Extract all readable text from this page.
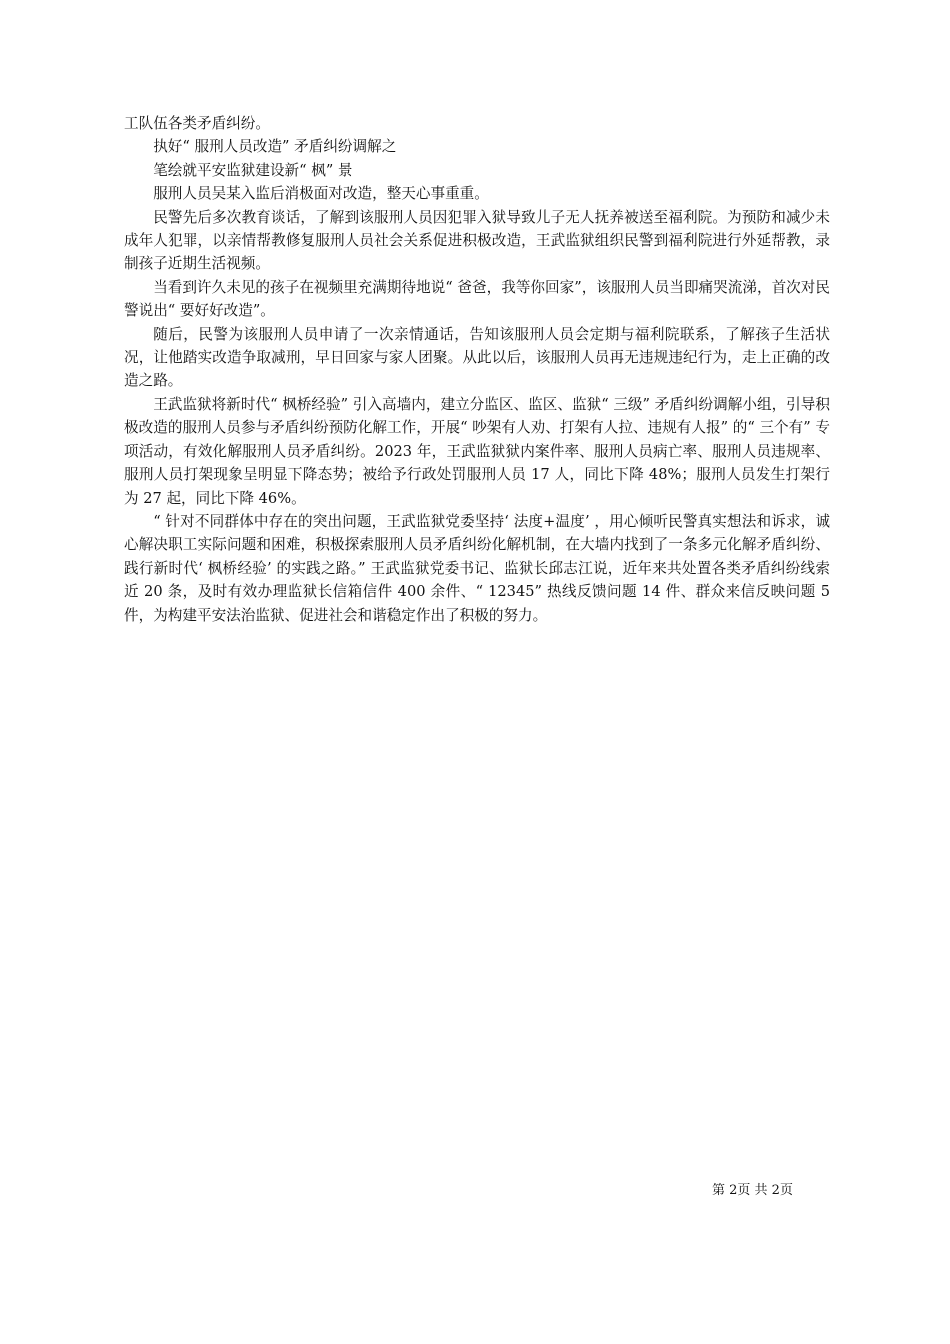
工队伍各类矛盾纠纷。

执好“ 服刑人员改造” 矛盾纠纷调解之

笔绘就平安监狱建设新“ 枫” 景

服刑人员吴某入监后消极面对改造，整天心事重重。

民警先后多次教育谈话，了解到该服刑人员因犯罪入狱导致儿子无人抚养被送至福利院。为预防和减少未成年人犯罪，以亲情帮教修复服刑人员社会关系促进积极改造，王武监狱组织民警到福利院进行外延帮教，录制孩子近期生活视频。

当看到许久未见的孩子在视频里充满期待地说“ 爸爸，我等你回家”，该服刑人员当即痛哭流涕，首次对民警说出“ 要好好改造”。

随后，民警为该服刑人员申请了一次亲情通话，告知该服刑人员会定期与福利院联系，了解孩子生活状况，让他踏实改造争取减刑，早日回家与家人团聚。从此以后，该服刑人员再无违规违纪行为，走上正确的改造之路。

王武监狱将新时代“ 枫桥经验” 引入高墙内，建立分监区、监区、监狱“ 三级” 矛盾纠纷调解小组，引导积极改造的服刑人员参与矛盾纠纷预防化解工作，开展“ 吵架有人劝、打架有人拉、违规有人报” 的“ 三个有” 专项活动，有效化解服刑人员矛盾纠纷。2023 年，王武监狱狱内案件率、服刑人员病亡率、服刑人员违规率、服刑人员打架现象呈明显下降态势；被给予行政处罚服刑人员 17 人，同比下降 48%；服刑人员发生打架行为 27 起，同比下降 46%。

“ 针对不同群体中存在的突出问题，王武监狱党委坚持‘ 法度+温度’ ，用心倾听民警真实想法和诉求，诚心解决职工实际问题和困难，积极探索服刑人员矛盾纠纷化解机制，在大墙内找到了一条多元化解矛盾纠纷、践行新时代‘ 枫桥经验’ 的实践之路。” 王武监狱党委书记、监狱长邱志江说，近年来共处置各类矛盾纠纷线索近 20 条，及时有效办理监狱长信箱信件 400 余件、“ 12345” 热线反馈问题 14 件、群众来信反映问题 5 件，为构建平安法治监狱、促进社会和谐稳定作出了积极的努力。

第 2页 共 2页
